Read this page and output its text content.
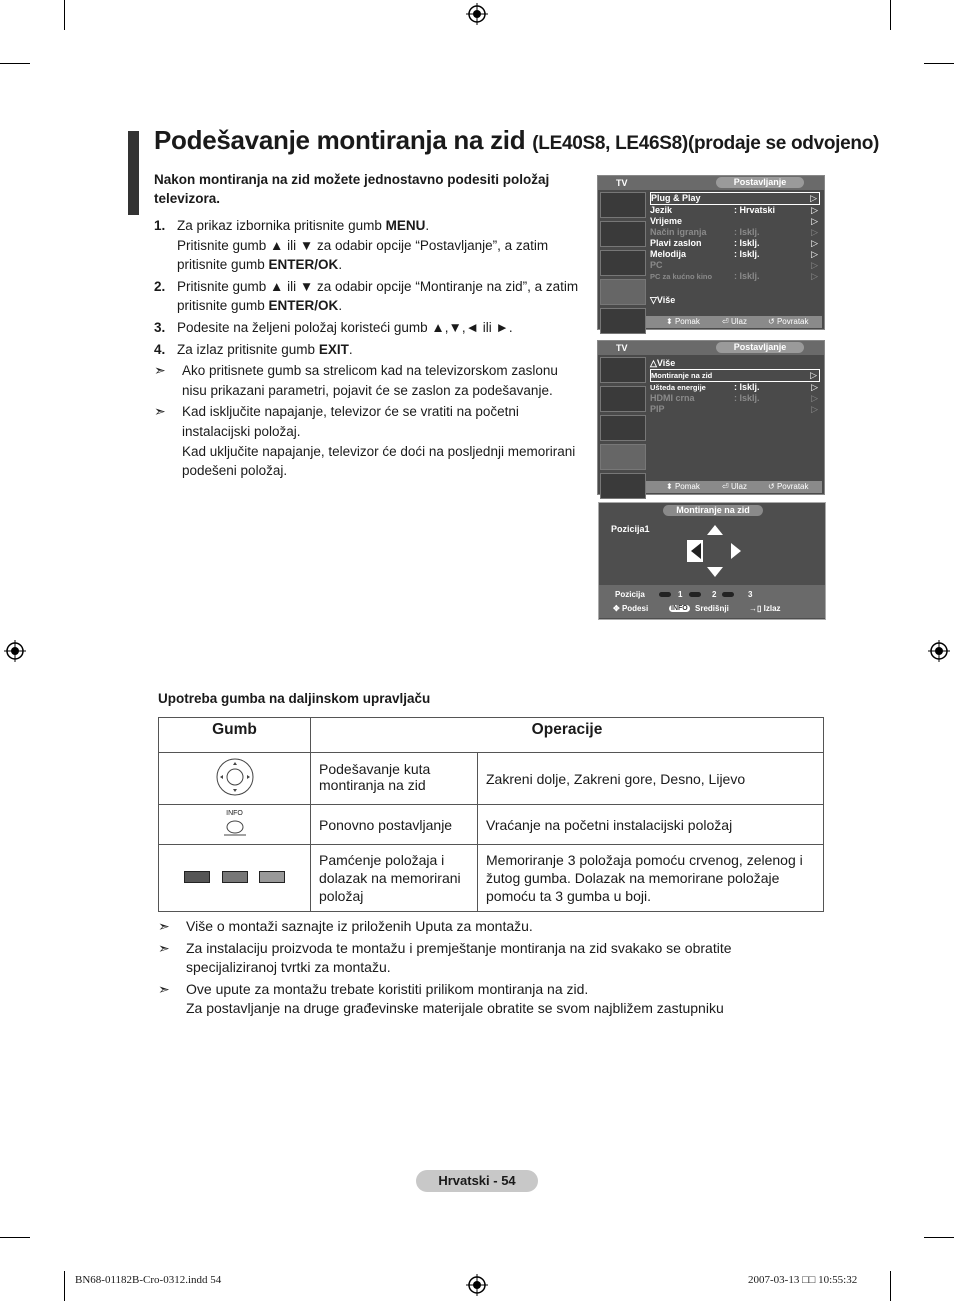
Podešavanje montiranja na zid (LE40S8, LE46S8)(prodaje se odvojeno)
Nakon montiranja na zid možete jednostavno podesiti položaj televizora.
1. Za prikaz izbornika pritisnite gumb MENU.
Pritisnite gumb ▲ ili ▼ za odabir opcije “Postavljanje”, a zatim pritisnite gumb ENTER/OK.
2. Pritisnite gumb ▲ ili ▼ za odabir opcije “Montiranje na zid”, a zatim pritisnite gumb ENTER/OK.
3. Podesite na željeni položaj koristeći gumb ▲,▼,◄ ili ►.
4. Za izlaz pritisnite gumb EXIT.
➣ Ako pritisnete gumb sa strelicom kad na televizorskom zaslonu nisu prikazani parametri, pojavit će se zaslon za podešavanje.
➣ Kad isključite napajanje, televizor će se vratiti na početni instalacijski položaj.
Kad uključite napajanje, televizor će doći na posljednji memorirani podešeni položaj.
TV	Postavljanje
Plug & Play	▷
Jezik	: Hrvatski	▷
Vrijeme	▷
Način igranja	: Isklj.	▷
Plavi zaslon	: Isklj.	▷
Melodija	: Isklj.	▷
PC	▷
PC za kućno kino : Isklj.	▷
▽Više
⬍ Pomak	⏎ Ulaz	↺ Povratak
TV	Postavljanje
△Više
Montiranje na zid	▷
Ušteda energije	: Isklj.	▷
HDMI crna	: Isklj.	▷
PIP	▷
⬍ Pomak	⏎ Ulaz	↺ Povratak
Montiranje na zid
Pozicija1
Pozicija	1	2	3
✥ Podesi	INFO Središnji	→▯ Izlaz
Upotreba gumba na daljinskom upravljaču
Gumb	Operacije	
	Podešavanje kuta montiranja na zid	Zakreni dolje, Zakreni gore, Desno, Lijevo

INFO	Ponovno postavljanje	Vraćanje na početni instalacijski položaj
	Pamćenje položaja i dolazak na memorirani položaj	Memoriranje 3 položaja pomoću crvenog, zelenog i žutog gumba. Dolazak na memorirane položaje pomoću ta 3 gumba u boji.
➣ Više o montaži saznajte iz priloženih Uputa za montažu.
➣ Za instalaciju proizvoda te montažu i premještanje montiranja na zid svakako se obratite specijaliziranoj tvrtki za montažu.
➣ Ove upute za montažu trebate koristiti prilikom montiranja na zid.
Za postavljanje na druge građevinske materijale obratite se svom najbližem zastupniku
Hrvatski - 54
BN68-01182B-Cro-0312.indd 54	2007-03-13 □□ 10:55:32
